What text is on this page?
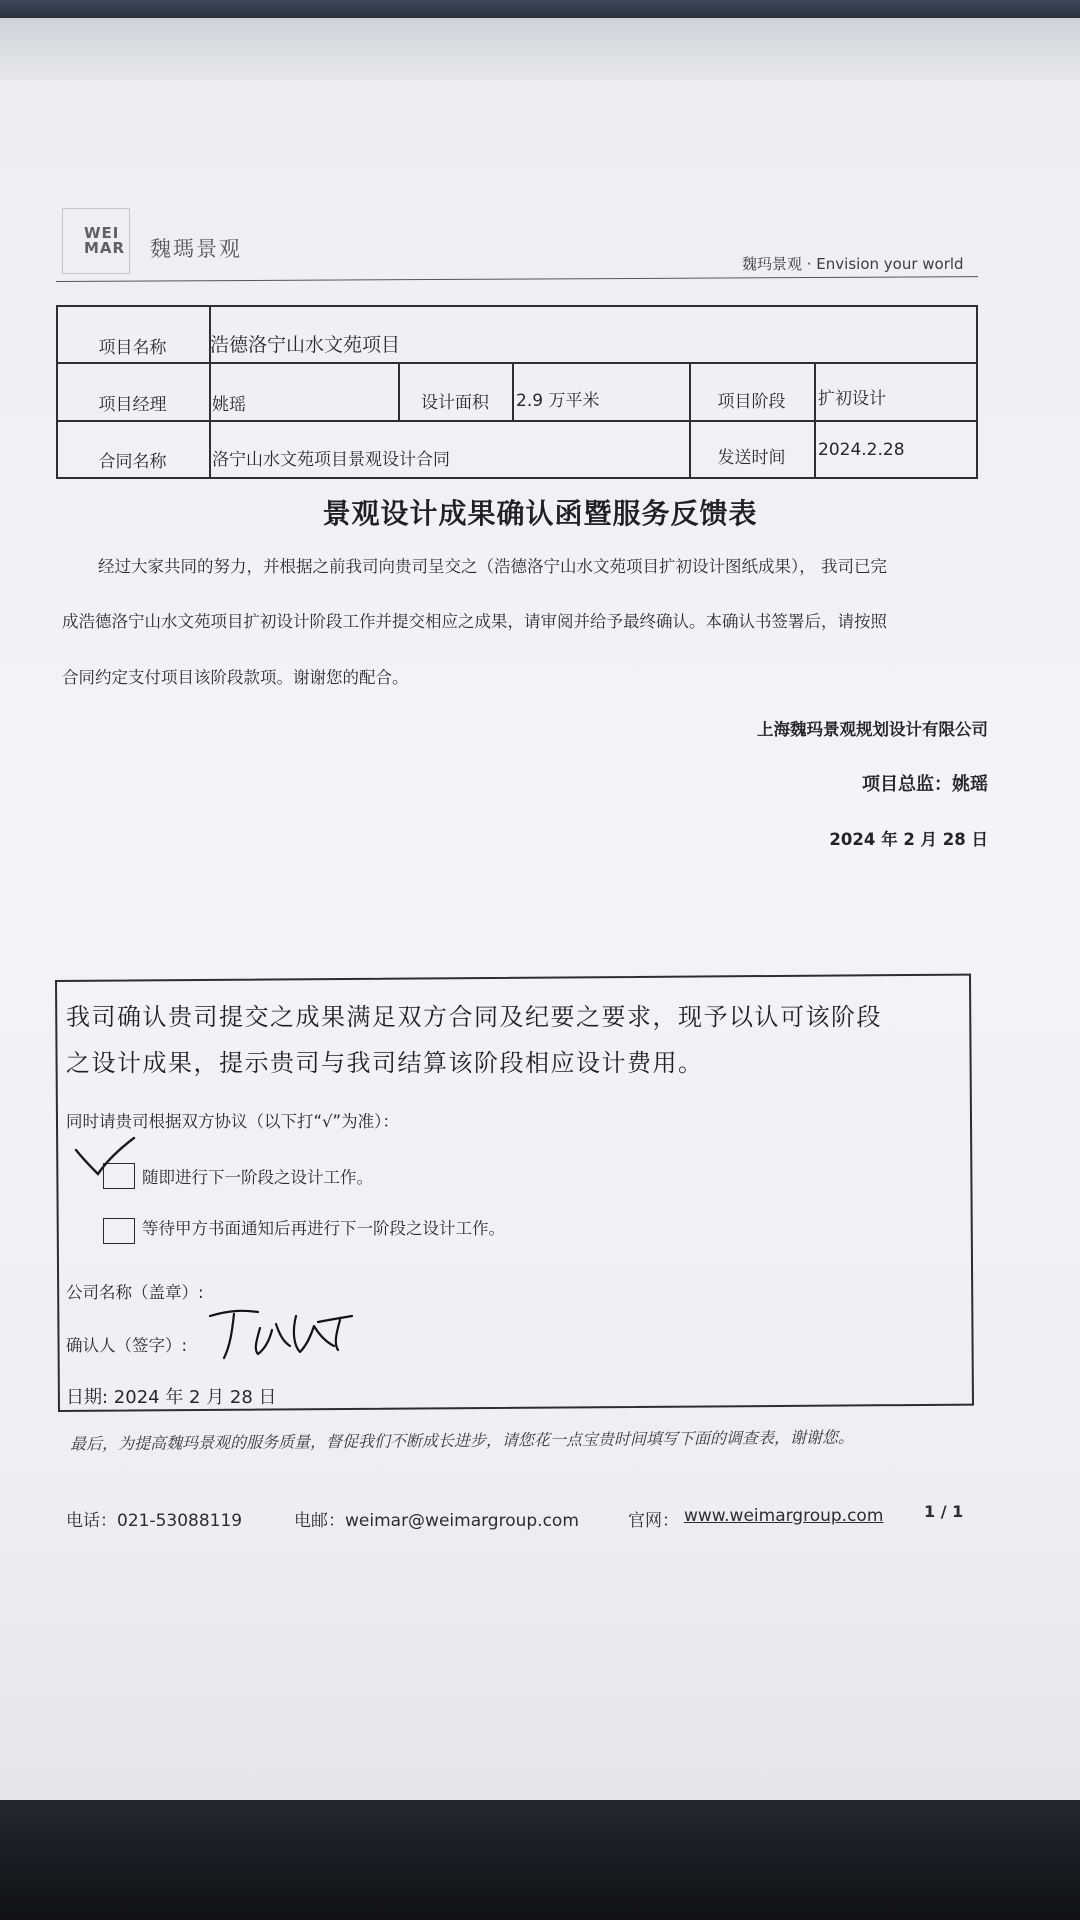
WEI
MAR 魏瑪景观
魏玛景观 · Envision your world
项目名称	浩德洛宁山水文苑项目
项目经理	姚瑶	设计面积	2.9 万平米	项目阶段	扩初设计
合同名称	洛宁山水文苑项目景观设计合同	发送时间	2024.2.28
景观设计成果确认函暨服务反馈表
经过大家共同的努力，并根据之前我司向贵司呈交之（浩德洛宁山水文苑项目扩初设计图纸成果）， 我司已完
成浩德洛宁山水文苑项目扩初设计阶段工作并提交相应之成果，请审阅并给予最终确认。本确认书签署后，请按照
合同约定支付项目该阶段款项。谢谢您的配合。
上海魏玛景观规划设计有限公司
项目总监：姚瑶
2024 年 2 月 28 日
我司确认贵司提交之成果满足双方合同及纪要之要求，现予以认可该阶段
之设计成果，提示贵司与我司结算该阶段相应设计费用。
同时请贵司根据双方协议（以下打“√”为准）：
随即进行下一阶段之设计工作。
等待甲方书面通知后再进行下一阶段之设计工作。
公司名称（盖章）:
确认人（签字）:
日期: 2024 年 2 月 28 日
最后，为提高魏玛景观的服务质量，督促我们不断成长进步，请您花一点宝贵时间填写下面的调查表，谢谢您。
电话：021-53088119	电邮：weimar@weimargroup.com	官网： www.weimargroup.com	1 / 1
